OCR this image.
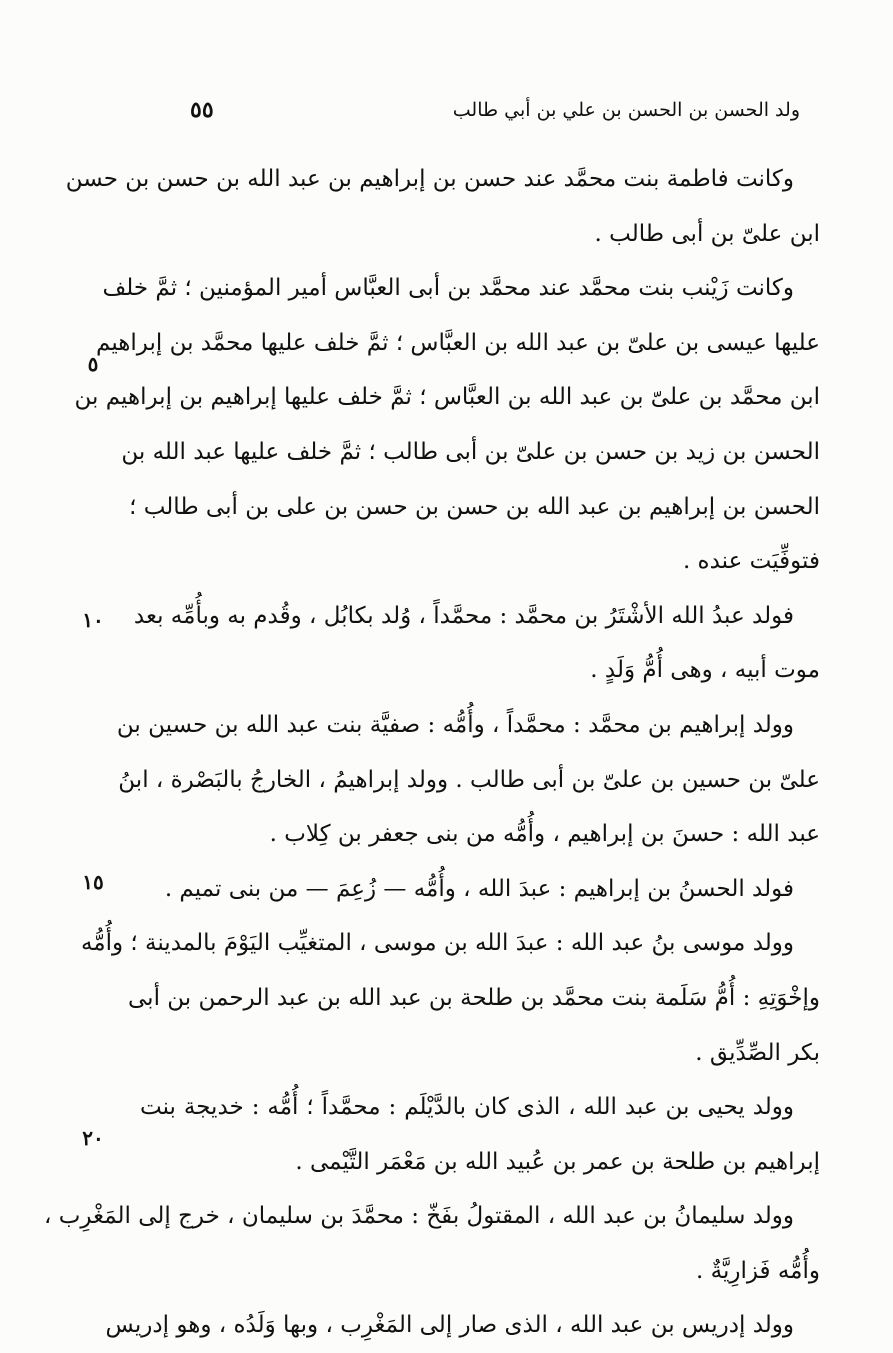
٥٥	ولد الحسن بن الحسن بن علي بن أبي طالب
وكانت فاطمة بنت محمَّد عند حسن بن إبراهيم بن عبد الله بن حسن بن حسن
ابن علىّ بن أبى طالب .
وكانت زَيْنب بنت محمَّد عند محمَّد بن أبى العبَّاس أمير المؤمنين ؛ ثمَّ خلف
عليها عيسى بن علىّ بن عبد الله بن العبَّاس ؛ ثمَّ خلف عليها محمَّد بن إبراهيم
ابن محمَّد بن علىّ بن عبد الله بن العبَّاس ؛ ثمَّ خلف عليها إبراهيم بن إبراهيم بن
الحسن بن زيد بن حسن بن علىّ بن أبى طالب ؛ ثمَّ خلف عليها عبد الله بن
الحسن بن إبراهيم بن عبد الله بن حسن بن حسن بن على بن أبى طالب ؛
فتوفِّيَت عنده .
فولد عبدُ الله الأشْتَرُ بن محمَّد : محمَّداً ، وُلد بكابُل ، وقُدم به وبأُمِّه بعد
موت أبيه ، وهى أُمُّ وَلَدٍ .
وولد إبراهيم بن محمَّد : محمَّداً ، وأُمُّه : صفيَّة بنت عبد الله بن حسين بن
علىّ بن حسين بن علىّ بن أبى طالب . وولد إبراهيمُ ، الخارجُ بالبَصْرة ، ابنُ
عبد الله : حسنَ بن إبراهيم ، وأُمُّه من بنى جعفر بن كِلاب .
فولد الحسنُ بن إبراهيم : عبدَ الله ، وأُمُّه — زُعِمَ — من بنى تميم .
وولد موسى بنُ عبد الله : عبدَ الله بن موسى ، المتغيِّب اليَوْمَ بالمدينة ؛ وأُمُّه
وإخْوَتِهِ : أُمُّ سَلَمة بنت محمَّد بن طلحة بن عبد الله بن عبد الرحمن بن أبى
بكر الصِّدِّيق .
وولد يحيى بن عبد الله ، الذى كان بالدَّيْلَم : محمَّداً ؛ أُمُّه : خديجة بنت
إبراهيم بن طلحة بن عمر بن عُبيد الله بن مَعْمَر التَّيْمى .
وولد سليمانُ بن عبد الله ، المقتولُ بفَخّ : محمَّدَ بن سليمان ، خرج إلى المَغْرِب ،
وأُمُّه فَزارِيَّةٌ .
وولد إدريس بن عبد الله ، الذى صار إلى المَغْرِب ، وبها وَلَدُه ، وهو إدريس
٥
١٠
١٥
٢٠
